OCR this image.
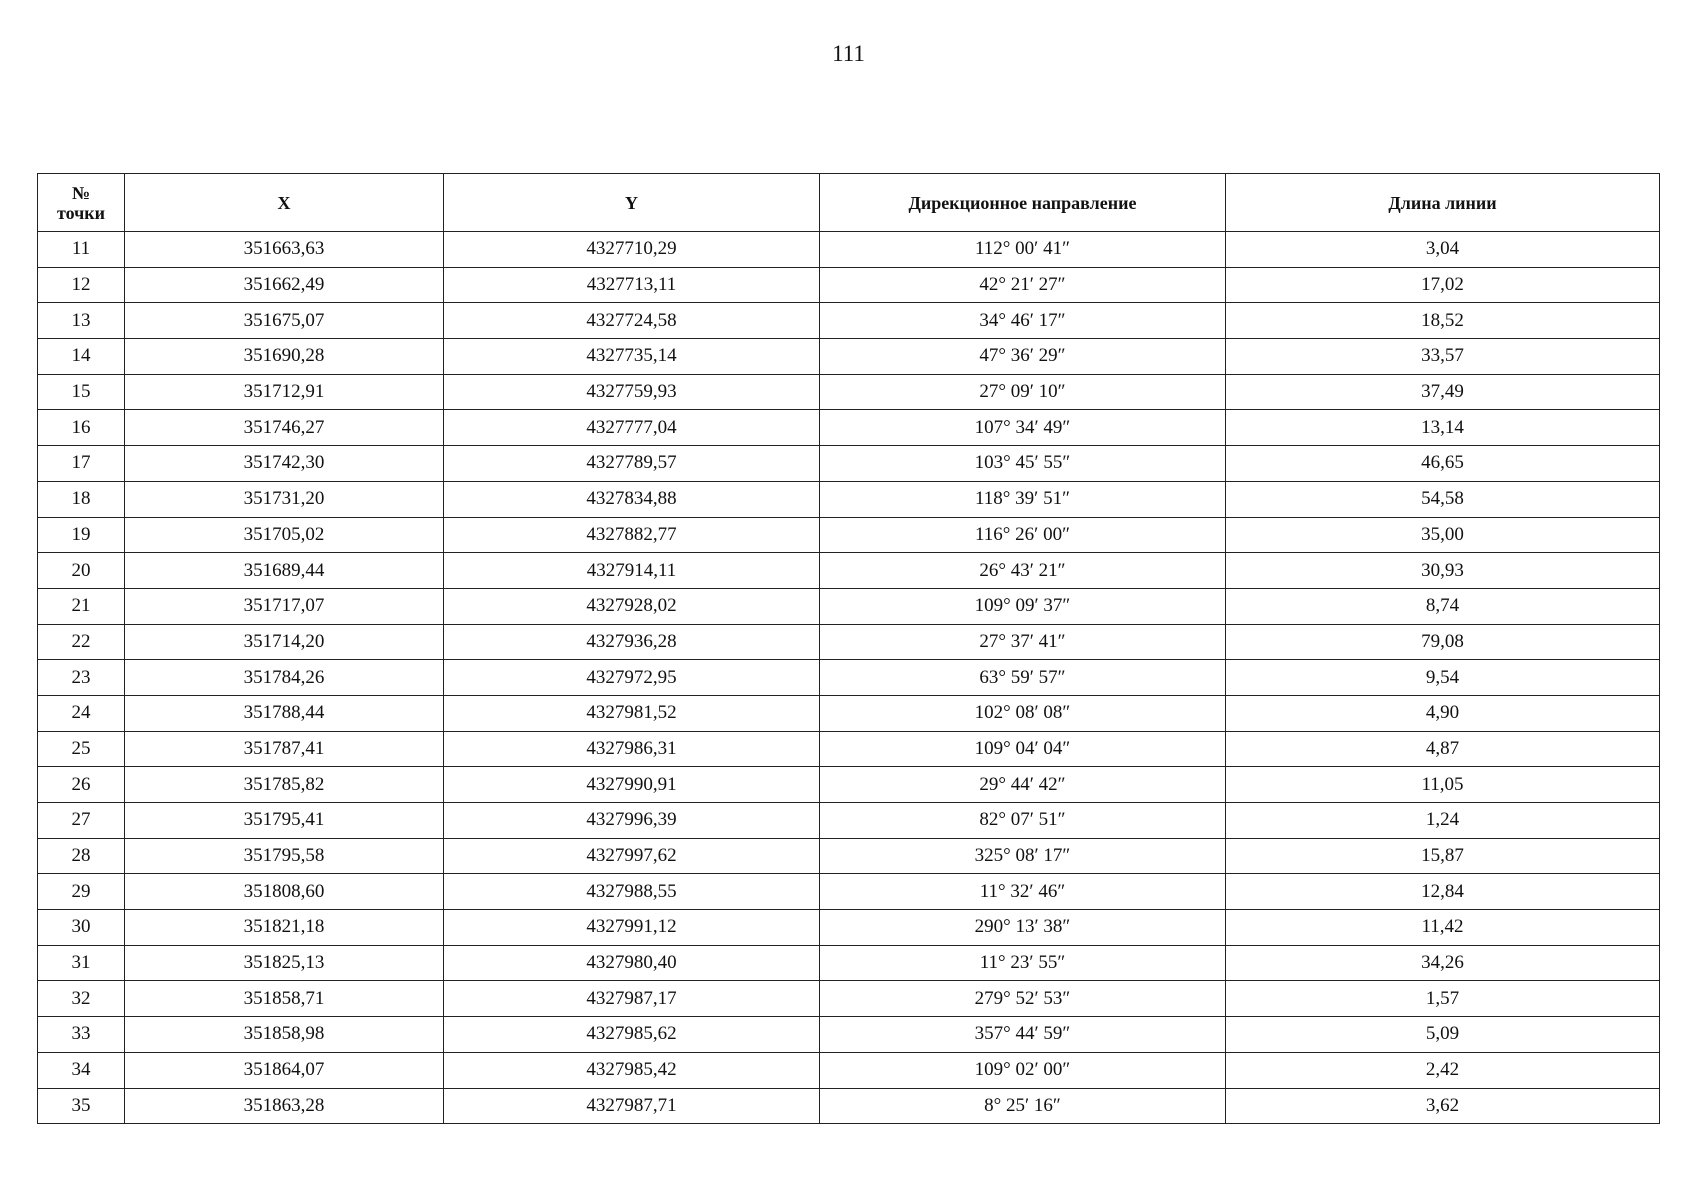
111
№
точки	X	Y	Дирекционное направление	Длина линии
11	351663,63	4327710,29	112° 00′ 41″	3,04
12	351662,49	4327713,11	42° 21′ 27″	17,02
13	351675,07	4327724,58	34° 46′ 17″	18,52
14	351690,28	4327735,14	47° 36′ 29″	33,57
15	351712,91	4327759,93	27° 09′ 10″	37,49
16	351746,27	4327777,04	107° 34′ 49″	13,14
17	351742,30	4327789,57	103° 45′ 55″	46,65
18	351731,20	4327834,88	118° 39′ 51″	54,58
19	351705,02	4327882,77	116° 26′ 00″	35,00
20	351689,44	4327914,11	26° 43′ 21″	30,93
21	351717,07	4327928,02	109° 09′ 37″	8,74
22	351714,20	4327936,28	27° 37′ 41″	79,08
23	351784,26	4327972,95	63° 59′ 57″	9,54
24	351788,44	4327981,52	102° 08′ 08″	4,90
25	351787,41	4327986,31	109° 04′ 04″	4,87
26	351785,82	4327990,91	29° 44′ 42″	11,05
27	351795,41	4327996,39	82° 07′ 51″	1,24
28	351795,58	4327997,62	325° 08′ 17″	15,87
29	351808,60	4327988,55	11° 32′ 46″	12,84
30	351821,18	4327991,12	290° 13′ 38″	11,42
31	351825,13	4327980,40	11° 23′ 55″	34,26
32	351858,71	4327987,17	279° 52′ 53″	1,57
33	351858,98	4327985,62	357° 44′ 59″	5,09
34	351864,07	4327985,42	109° 02′ 00″	2,42
35	351863,28	4327987,71	8° 25′ 16″	3,62
